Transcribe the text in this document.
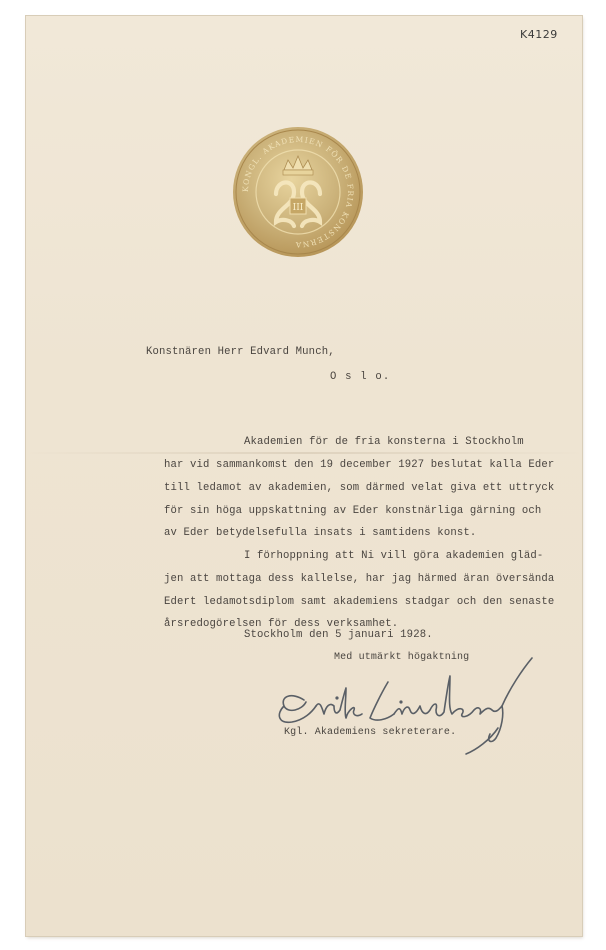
K4129
KONGL. AKADEMIEN FÖR DE FRIA KONSTERNA
III
Konstnären Herr Edvard Munch,
O s l o.
Akademien för de fria konsterna i Stockholm
har vid sammankomst den 19 december 1927 beslutat kalla Eder
till ledamot av akademien, som därmed velat giva ett uttryck
för sin höga uppskattning av Eder konstnärliga gärning och
av Eder betydelsefulla insats i samtidens konst.
I förhoppning att Ni vill göra akademien gläd-
jen att mottaga dess kallelse, har jag härmed äran översända
Edert ledamotsdiplom samt akademiens stadgar och den senaste
årsredogörelsen för dess verksamhet.
Stockholm den 5 januari 1928.
Med utmärkt högaktning
Kgl. Akademiens sekreterare.
